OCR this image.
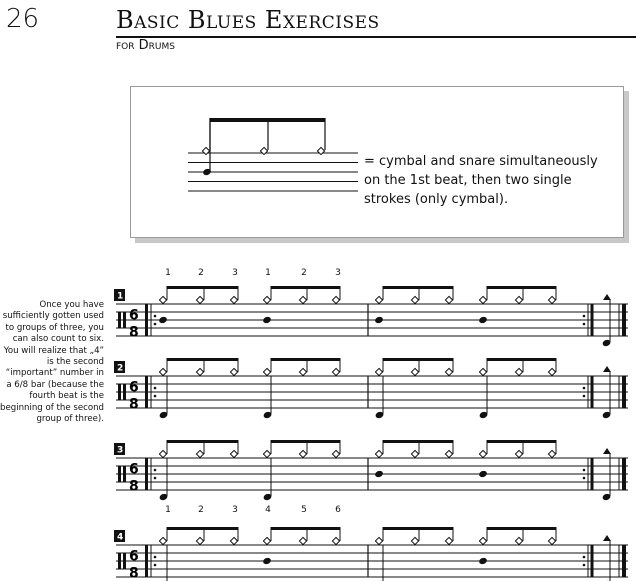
26	Basic Blues Exercises
for Drums
= cymbal and snare simultaneously on the 1st beat, then two single strokes (only cymbal).
Once you have sufficiently gotten used to groups of three, you can also count to six. You will realize that „4” is the second “important” number in a 6/8 bar (because the fourth beat is the beginning of the second group of three).
1
6
8
1	2	3	1	2	3
2
6
8
3
6
8
4
6
8
1	2	3	4	5	6
